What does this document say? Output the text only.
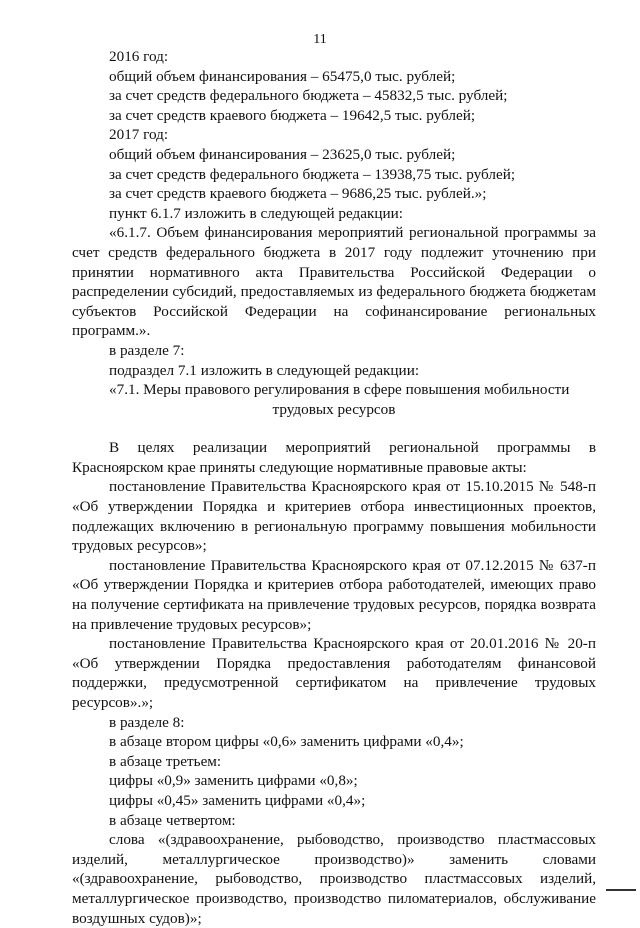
11

2016 год:

общий объем финансирования – 65475,0 тыс. рублей;

за счет средств федерального бюджета – 45832,5 тыс. рублей;

за счет средств краевого бюджета – 19642,5 тыс. рублей;

2017 год:

общий объем финансирования – 23625,0 тыс. рублей;

за счет средств федерального бюджета – 13938,75 тыс. рублей;

за счет средств краевого бюджета – 9686,25 тыс. рублей.»;

пункт 6.1.7 изложить в следующей редакции:

«6.1.7. Объем финансирования мероприятий региональной программы за счет средств федерального бюджета в 2017 году подлежит уточнению при принятии нормативного акта Правительства Российской Федерации о распределении субсидий, предоставляемых из федерального бюджета бюджетам субъектов Российской Федерации на софинансирование региональных программ.».

в разделе 7:

подраздел 7.1 изложить в следующей редакции:

«7.1. Меры правового регулирования в сфере повышения мобильности

трудовых ресурсов

В целях реализации мероприятий региональной программы в Красноярском крае приняты следующие нормативные правовые акты:

постановление Правительства Красноярского края от 15.10.2015 № 548-п «Об утверждении Порядка и критериев отбора инвестиционных проектов, подлежащих включению в региональную программу повышения мобильности трудовых ресурсов»;

постановление Правительства Красноярского края от 07.12.2015 № 637-п «Об утверждении Порядка и критериев отбора работодателей, имеющих право на получение сертификата на привлечение трудовых ресурсов, порядка возврата на привлечение трудовых ресурсов»;

постановление Правительства Красноярского края от 20.01.2016 № 20-п «Об утверждении Порядка предоставления работодателям финансовой поддержки, предусмотренной сертификатом на привлечение трудовых ресурсов».»;

в разделе 8:

в абзаце втором цифры «0,6» заменить цифрами «0,4»;

в абзаце третьем:

цифры «0,9» заменить цифрами «0,8»;

цифры «0,45» заменить цифрами «0,4»;

в абзаце четвертом:

слова «(здравоохранение, рыбоводство, производство пластмассовых изделий, металлургическое производство)» заменить словами «(здравоохранение, рыбоводство, производство пластмассовых изделий, металлургическое производство, производство пиломатериалов, обслуживание воздушных судов)»;
